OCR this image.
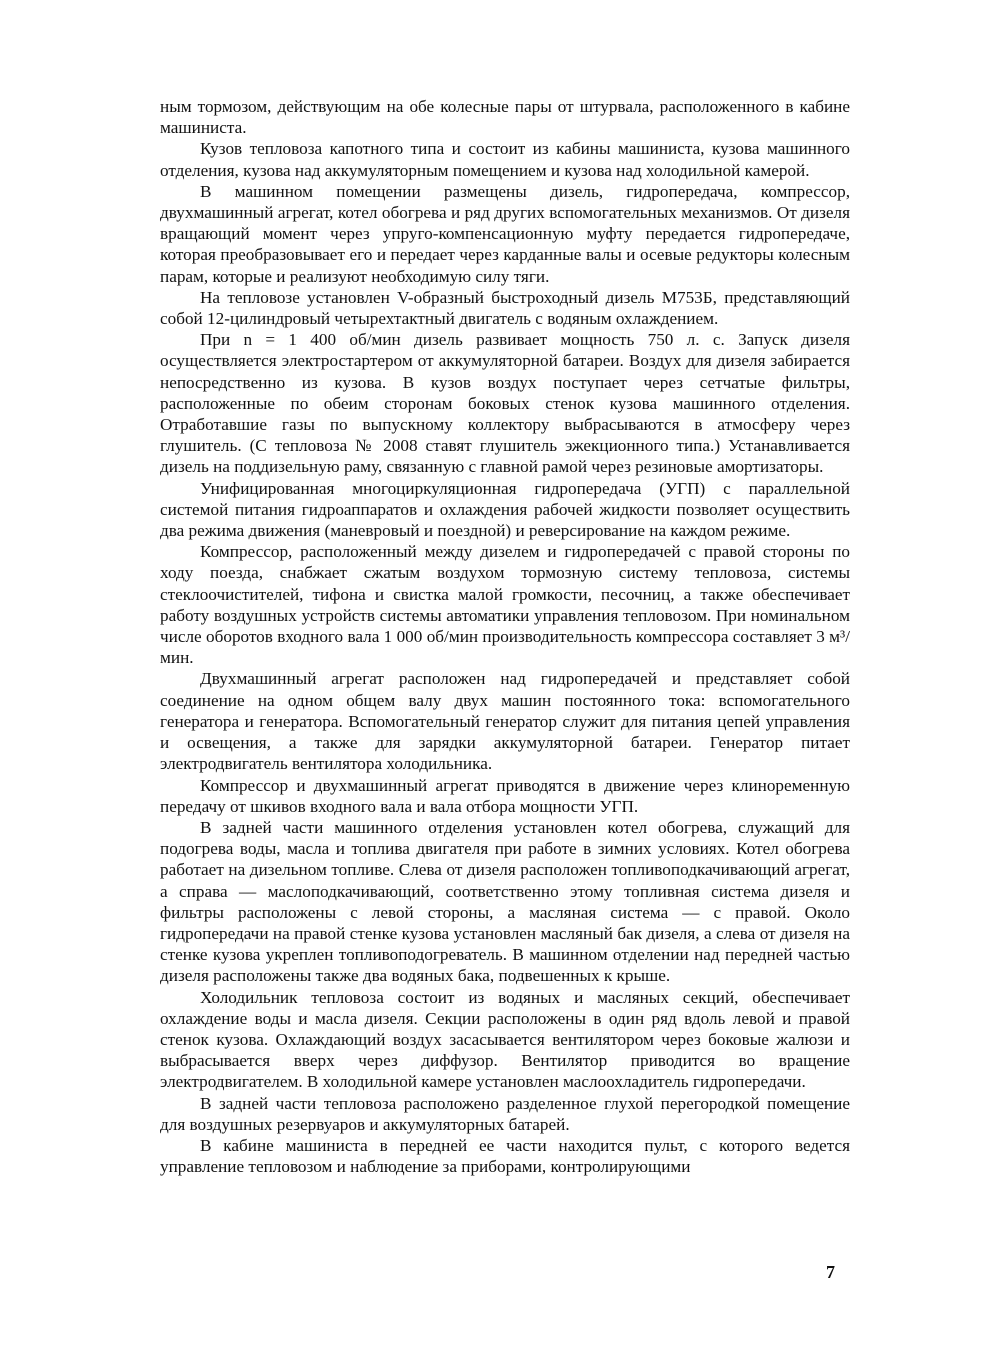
ным тормозом, действующим на обе колесные пары от штурвала, расположенного в кабине машиниста.

Кузов тепловоза капотного типа и состоит из кабины машиниста, кузова машинного отделения, кузова над аккумуляторным помещением и кузова над холодильной камерой.

В машинном помещении размещены дизель, гидропередача, компрессор, двухмашинный агрегат, котел обогрева и ряд других вспомогательных механизмов. От дизеля вращающий момент через упруго-компенсационную муфту передается гидропередаче, которая преобразовывает его и передает через карданные валы и осевые редукторы колесным парам, которые и реализуют необходимую силу тяги.

На тепловозе установлен V-образный быстроходный дизель М753Б, представляющий собой 12-цилиндровый четырехтактный двигатель с водяным охлаждением.

При n = 1 400 об/мин дизель развивает мощность 750 л. с. Запуск дизеля осуществляется электростартером от аккумуляторной батареи. Воздух для дизеля забирается непосредственно из кузова. В кузов воздух поступает через сетчатые фильтры, расположенные по обеим сторонам боковых стенок кузова машинного отделения. Отработавшие газы по выпускному коллектору выбрасываются в атмосферу через глушитель. (С тепловоза № 2008 ставят глушитель эжекционного типа.) Устанавливается дизель на поддизельную раму, связанную с главной рамой через резиновые амортизаторы.

Унифицированная многоциркуляционная гидропередача (УГП) с параллельной системой питания гидроаппаратов и охлаждения рабочей жидкости позволяет осуществить два режима движения (маневровый и поездной) и реверсирование на каждом режиме.

Компрессор, расположенный между дизелем и гидропередачей с правой стороны по ходу поезда, снабжает сжатым воздухом тормозную систему тепловоза, системы стеклоочистителей, тифона и свистка малой громкости, песочниц, а также обеспечивает работу воздушных устройств системы автоматики управления тепловозом. При номинальном числе оборотов входного вала 1 000 об/мин производительность компрессора составляет 3 м³/мин.

Двухмашинный агрегат расположен над гидропередачей и представляет собой соединение на одном общем валу двух машин постоянного тока: вспомогательного генератора и генератора. Вспомогательный генератор служит для питания цепей управления и освещения, а также для зарядки аккумуляторной батареи. Генератор питает электродвигатель вентилятора холодильника.

Компрессор и двухмашинный агрегат приводятся в движение через клиноременную передачу от шкивов входного вала и вала отбора мощности УГП.

В задней части машинного отделения установлен котел обогрева, служащий для подогрева воды, масла и топлива двигателя при работе в зимних условиях. Котел обогрева работает на дизельном топливе. Слева от дизеля расположен топливоподкачивающий агрегат, а справа — маслоподкачивающий, соответственно этому топливная система дизеля и фильтры расположены с левой стороны, а масляная система — с правой. Около гидропередачи на правой стенке кузова установлен масляный бак дизеля, а слева от дизеля на стенке кузова укреплен топливоподогреватель. В машинном отделении над передней частью дизеля расположены также два водяных бака, подвешенных к крыше.

Холодильник тепловоза состоит из водяных и масляных секций, обеспечивает охлаждение воды и масла дизеля. Секции расположены в один ряд вдоль левой и правой стенок кузова. Охлаждающий воздух засасывается вентилятором через боковые жалюзи и выбрасывается вверх через диффузор. Вентилятор приводится во вращение электродвигателем. В холодильной камере установлен маслоохладитель гидропередачи.

В задней части тепловоза расположено разделенное глухой перегородкой помещение для воздушных резервуаров и аккумуляторных батарей.

В кабине машиниста в передней ее части находится пульт, с которого ведется управление тепловозом и наблюдение за приборами, контролирующими

7
